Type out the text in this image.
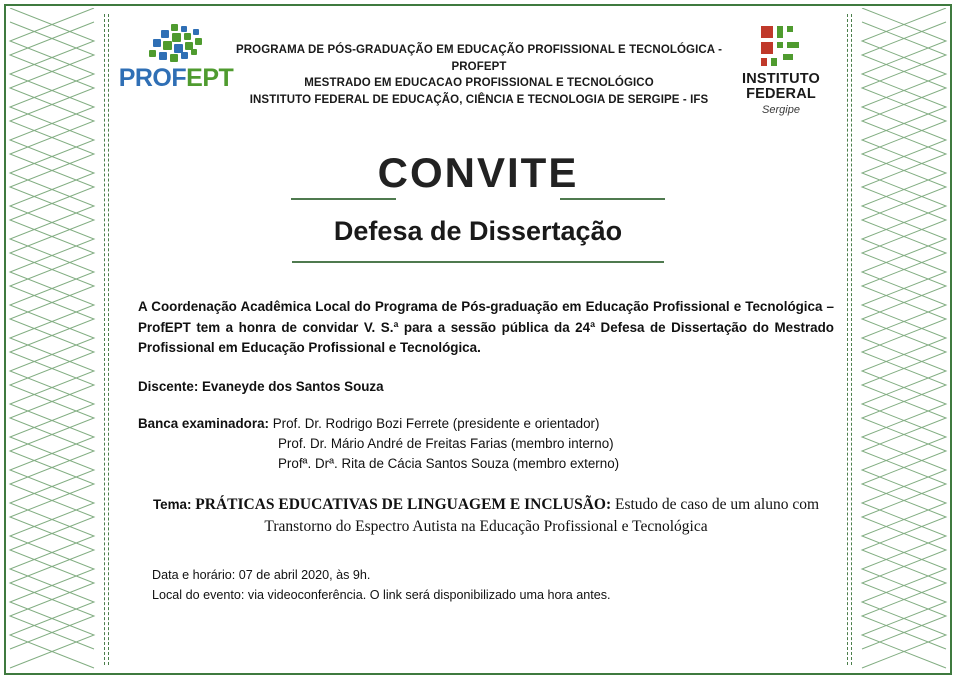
PROFEPT
PROGRAMA DE PÓS-GRADUAÇÃO EM EDUCAÇÃO PROFISSIONAL E TECNOLÓGICA - PROFEPT
MESTRADO EM EDUCACAO PROFISSIONAL E TECNOLÓGICO
INSTITUTO FEDERAL DE EDUCAÇÃO, CIÊNCIA E TECNOLOGIA DE SERGIPE - IFS
INSTITUTO
FEDERAL
Sergipe
CONVITE
Defesa de Dissertação
A Coordenação Acadêmica Local do Programa de Pós-graduação em Educação Profissional e Tecnológica – ProfEPT tem a honra de convidar V. S.ª para a sessão pública da 24ª Defesa de Dissertação do Mestrado Profissional em Educação Profissional e Tecnológica.
Discente: Evaneyde dos Santos Souza
Banca examinadora: Prof. Dr. Rodrigo Bozi Ferrete (presidente e orientador)
Prof. Dr. Mário André de Freitas Farias (membro interno)
Profª. Drª. Rita de Cácia Santos Souza (membro externo)
Tema: PRÁTICAS EDUCATIVAS DE LINGUAGEM E INCLUSÃO: Estudo de caso de um aluno com Transtorno do Espectro Autista na Educação Profissional e Tecnológica
Data e horário: 07 de abril 2020, às 9h.
Local do evento: via videoconferência. O link será disponibilizado uma hora antes.
